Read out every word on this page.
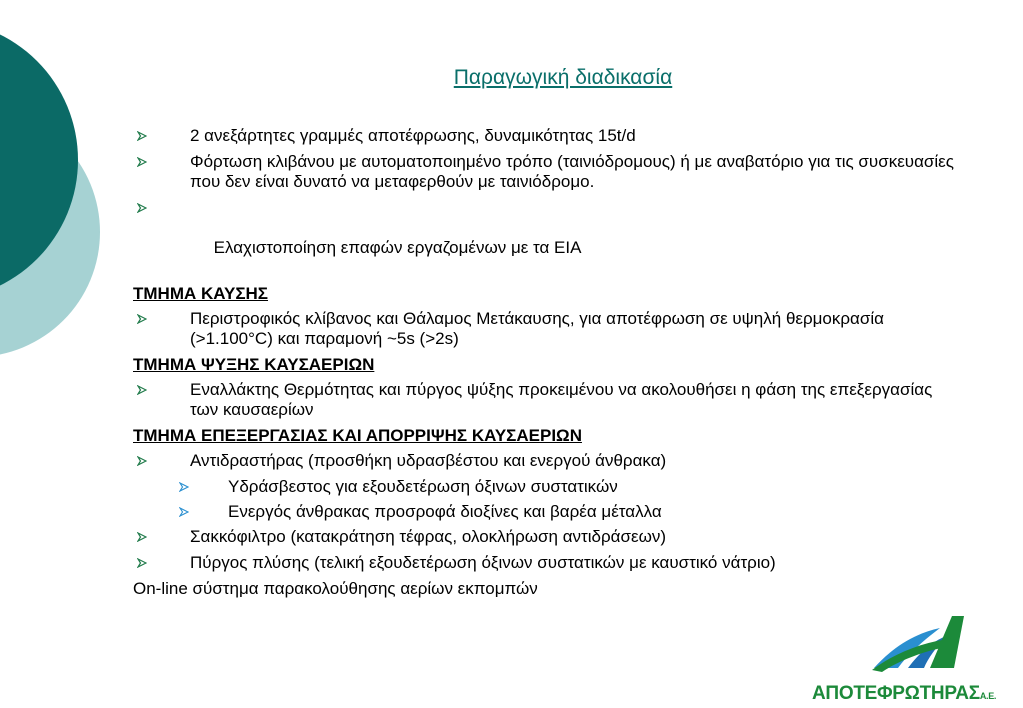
Παραγωγική διαδικασία
2 ανεξάρτητες γραμμές αποτέφρωσης, δυναμικότητας 15t/d
Φόρτωση κλιβάνου με αυτοματοποιημένο τρόπο (ταινιόδρομους) ή με αναβατόριο για τις συσκευασίες που δεν είναι δυνατό να μεταφερθούν με ταινιόδρομο.

Ελαχιστοποίηση επαφών εργαζομένων με τα ΕΙΑ

ΤΜΗΜΑ ΚΑΥΣΗΣ
Περιστροφικός κλίβανος και Θάλαμος Μετάκαυσης, για αποτέφρωση σε υψηλή θερμοκρασία (>1.100°C) και παραμονή ~5s (>2s)
ΤΜΗΜΑ ΨΥΞΗΣ ΚΑΥΣΑΕΡΙΩΝ
Εναλλάκτης Θερμότητας και πύργος ψύξης προκειμένου να ακολουθήσει η φάση της επεξεργασίας των καυσαερίων
ΤΜΗΜΑ ΕΠΕΞΕΡΓΑΣΙΑΣ ΚΑΙ ΑΠΟΡΡΙΨΗΣ ΚΑΥΣΑΕΡΙΩΝ
Αντιδραστήρας (προσθήκη υδρασβέστου και ενεργού άνθρακα)
Υδράσβεστος για εξουδετέρωση όξινων συστατικών
Ενεργός άνθρακας προσροφά διοξίνες και βαρέα μέταλλα
Σακκόφιλτρο (κατακράτηση τέφρας, ολοκλήρωση αντιδράσεων)
Πύργος πλύσης (τελική εξουδετέρωση όξινων συστατικών με καυστικό νάτριο)
On-line σύστημα παρακολούθησης αερίων εκπομπών
ΑΠΟΤΕΦΡΩΤΗΡΑΣΑ.Ε.
